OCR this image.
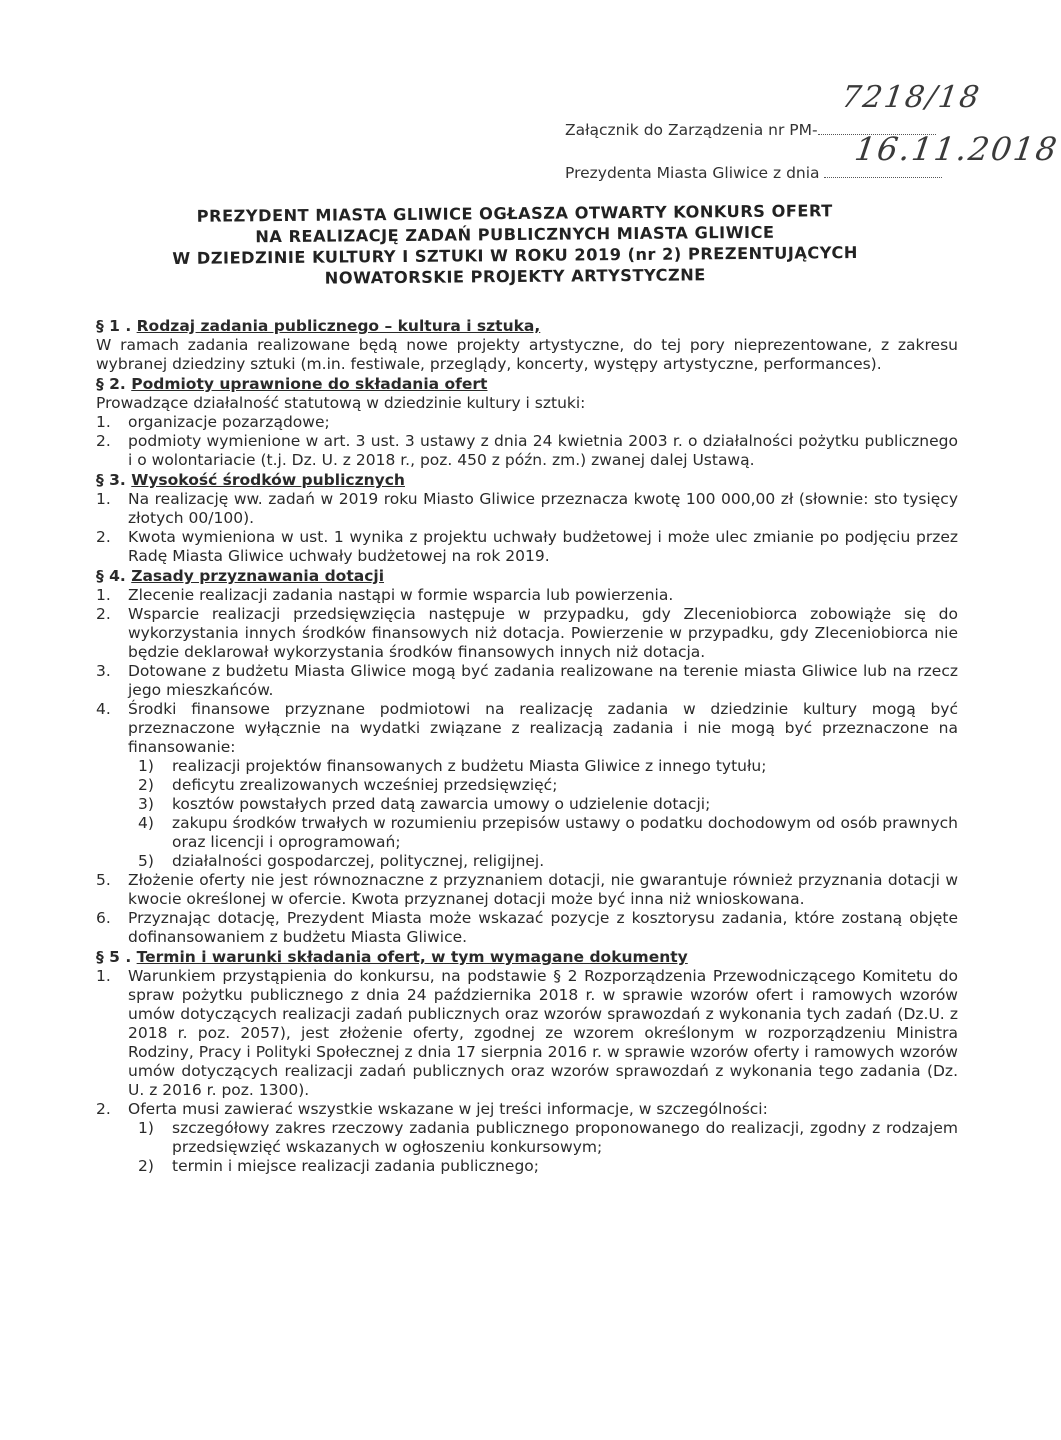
Załącznik do Zarządzenia nr PM-
7218/18
Prezydenta Miasta Gliwice z dnia
16.11.2018
PREZYDENT MIASTA GLIWICE OGŁASZA OTWARTY KONKURS OFERT
NA REALIZACJĘ ZADAŃ PUBLICZNYCH MIASTA GLIWICE
W DZIEDZINIE KULTURY I SZTUKI W ROKU 2019 (nr 2) PREZENTUJĄCYCH
NOWATORSKIE PROJEKTY ARTYSTYCZNE
§ 1 . Rodzaj zadania publicznego – kultura i sztuka,

W ramach zadania realizowane będą nowe projekty artystyczne, do tej pory nieprezentowane, z zakresu wybranej dziedziny sztuki (m.in. festiwale, przeglądy, koncerty, występy artystyczne, performances).

§ 2. Podmioty uprawnione do składania ofert

Prowadzące działalność statutową w dziedzinie kultury i sztuki:

1.	organizacje pozarządowe;
2.	podmioty wymienione w art. 3 ust. 3 ustawy z dnia 24 kwietnia 2003 r. o działalności pożytku publicznego i o wolontariacie (t.j. Dz. U. z 2018 r., poz. 450 z późn. zm.) zwanej dalej Ustawą.
§ 3. Wysokość środków publicznych
1.	Na realizację ww. zadań w 2019 roku Miasto Gliwice przeznacza kwotę 100 000,00 zł (słownie: sto tysięcy złotych 00/100).
2.	Kwota wymieniona w ust. 1 wynika z projektu uchwały budżetowej i może ulec zmianie po podjęciu przez Radę Miasta Gliwice uchwały budżetowej na rok 2019.
§ 4. Zasady przyznawania dotacji
1.	Zlecenie realizacji zadania nastąpi w formie wsparcia lub powierzenia.
2.	Wsparcie realizacji przedsięwzięcia następuje w przypadku, gdy Zleceniobiorca zobowiąże się do wykorzystania innych środków finansowych niż dotacja. Powierzenie w przypadku, gdy Zleceniobiorca nie będzie deklarował wykorzystania środków finansowych innych niż dotacja.
3.	Dotowane z budżetu Miasta Gliwice mogą być zadania realizowane na terenie miasta Gliwice lub na rzecz jego mieszkańców.
4.	Środki finansowe przyznane podmiotowi na realizację zadania w dziedzinie kultury mogą być przeznaczone wyłącznie na wydatki związane z realizacją zadania i nie mogą być przeznaczone na finansowanie:
1)	realizacji projektów finansowanych z budżetu Miasta Gliwice z innego tytułu;
2)	deficytu zrealizowanych wcześniej przedsięwzięć;
3)	kosztów powstałych przed datą zawarcia umowy o udzielenie dotacji;
4)	zakupu środków trwałych w rozumieniu przepisów ustawy o podatku dochodowym od osób prawnych oraz licencji i oprogramowań;
5)	działalności gospodarczej, politycznej, religijnej.
5.	Złożenie oferty nie jest równoznaczne z przyznaniem dotacji, nie gwarantuje również przyznania dotacji w kwocie określonej w ofercie. Kwota przyznanej dotacji może być inna niż wnioskowana.
6.	Przyznając dotację, Prezydent Miasta może wskazać pozycje z kosztorysu zadania, które zostaną objęte dofinansowaniem z budżetu Miasta Gliwice.
§ 5 . Termin i warunki składania ofert, w tym wymagane dokumenty
1.	Warunkiem przystąpienia do konkursu, na podstawie § 2 Rozporządzenia Przewodniczącego Komitetu do spraw pożytku publicznego z dnia 24 października 2018 r. w sprawie wzorów ofert i ramowych wzorów umów dotyczących realizacji zadań publicznych oraz wzorów sprawozdań z wykonania tych zadań (Dz.U. z 2018 r. poz. 2057), jest złożenie oferty, zgodnej ze wzorem określonym w rozporządzeniu Ministra Rodziny, Pracy i Polityki Społecznej z dnia 17 sierpnia 2016 r. w sprawie wzorów oferty i ramowych wzorów umów dotyczących realizacji zadań publicznych oraz wzorów sprawozdań z wykonania tego zadania (Dz. U. z 2016 r. poz. 1300).
2.	Oferta musi zawierać wszystkie wskazane w jej treści informacje, w szczególności:
1)	szczegółowy zakres rzeczowy zadania publicznego proponowanego do realizacji, zgodny z rodzajem przedsięwzięć wskazanych w ogłoszeniu konkursowym;
2)	termin i miejsce realizacji zadania publicznego;
